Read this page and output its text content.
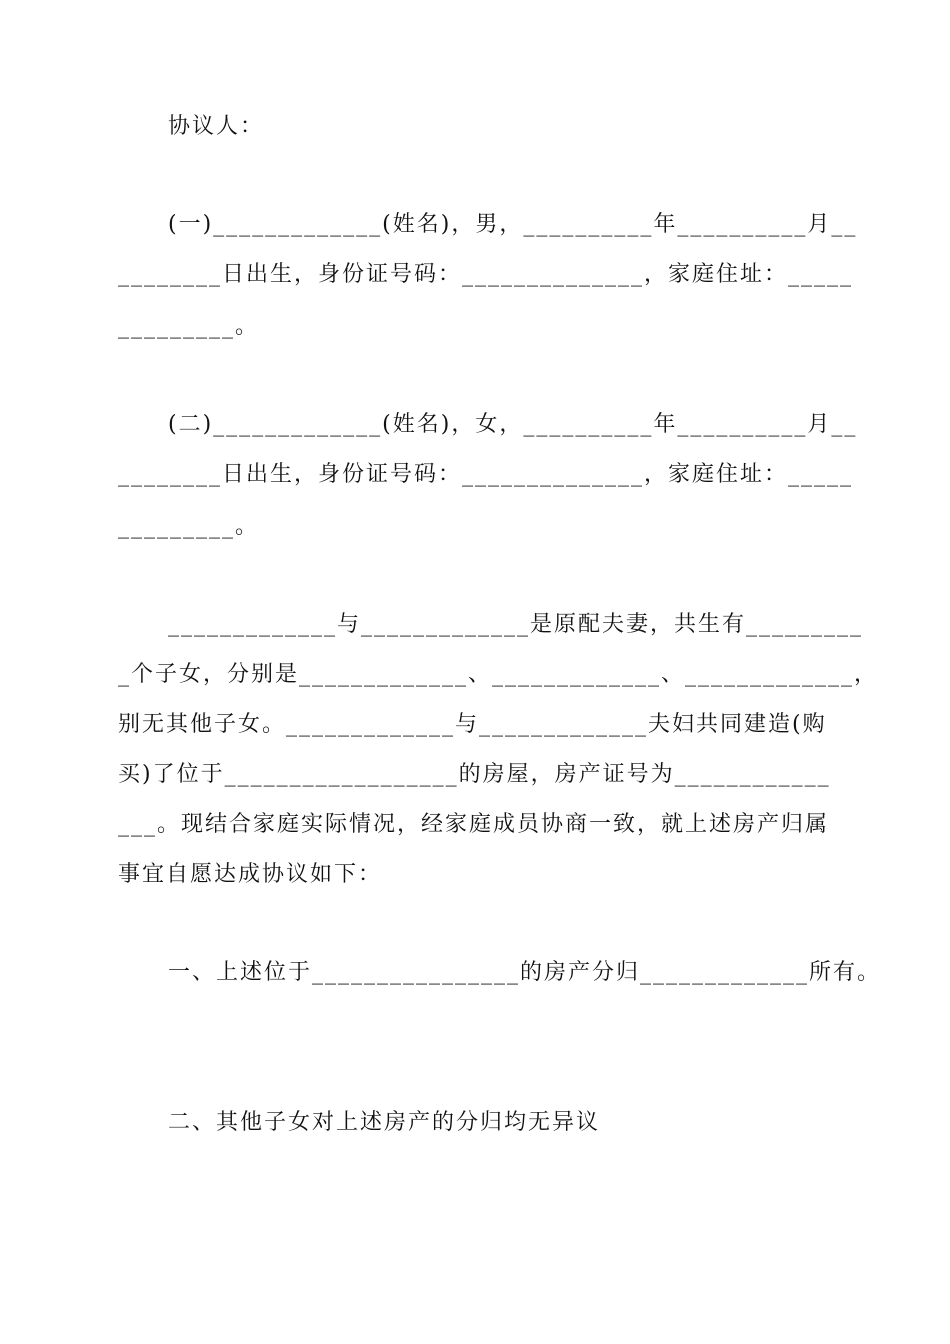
协议人：
(一)_____________(姓名)，男，__________年__________月__
________日出生，身份证号码：______________，家庭住址：_____
_________。
(二)_____________(姓名)，女，__________年__________月__
________日出生，身份证号码：______________，家庭住址：_____
_________。
_____________与_____________是原配夫妻，共生有_________
_个子女，分别是_____________、_____________、_____________，
别无其他子女。_____________与_____________夫妇共同建造(购
买)了位于__________________的房屋，房产证号为____________
___。现结合家庭实际情况，经家庭成员协商一致，就上述房产归属
事宜自愿达成协议如下：
一、上述位于________________的房产分归_____________所有。
二、其他子女对上述房产的分归均无异议
